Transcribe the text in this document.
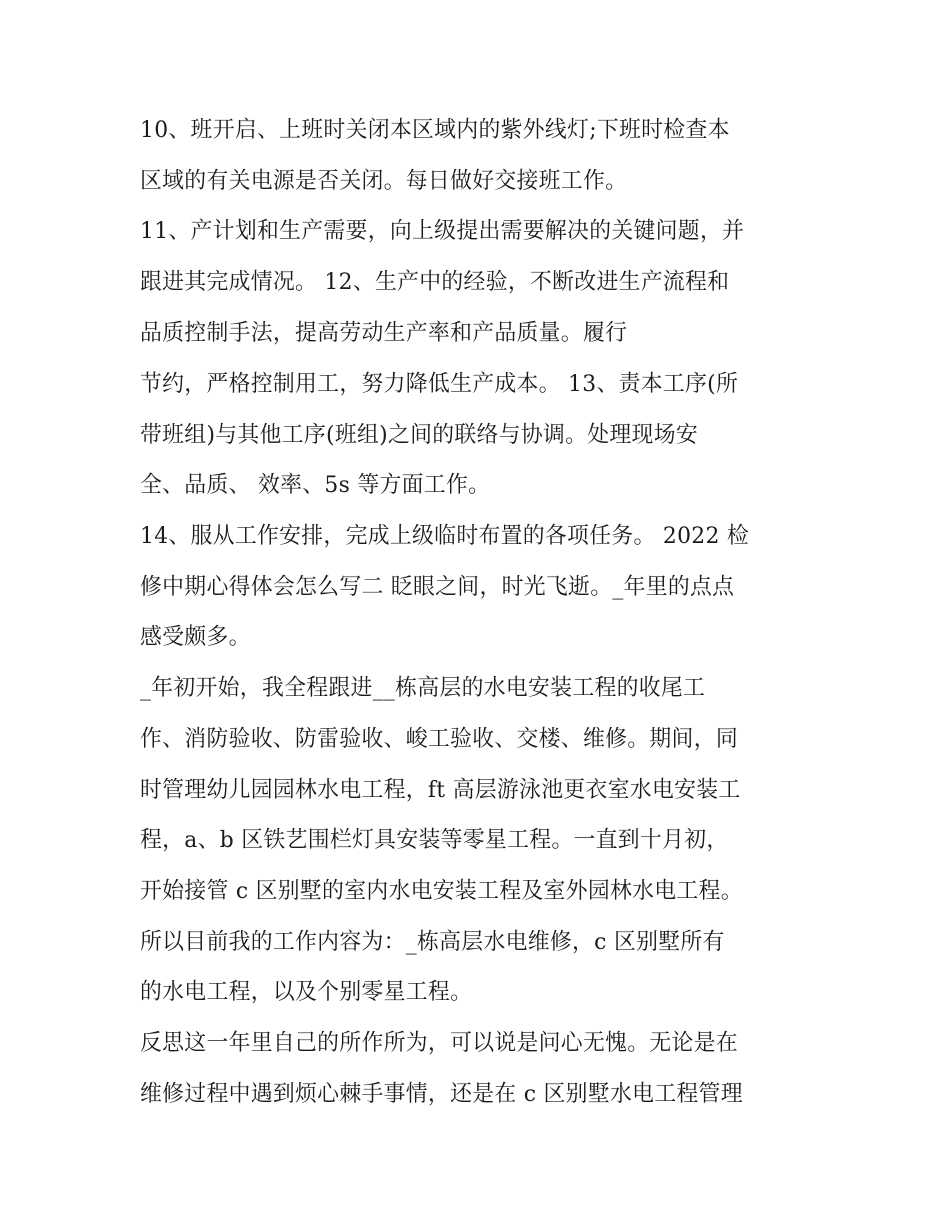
10、班开启、上班时关闭本区域内的紫外线灯;下班时检查本
区域的有关电源是否关闭。每日做好交接班工作。
11、产计划和生产需要，向上级提出需要解决的关键问题，并
跟进其完成情况。 12、生产中的经验，不断改进生产流程和
品质控制手法，提高劳动生产率和产品质量。履行
节约，严格控制用工，努力降低生产成本。 13、责本工序(所
带班组)与其他工序(班组)之间的联络与协调。处理现场安
全、品质、 效率、5s 等方面工作。
14、服从工作安排，完成上级临时布置的各项任务。 2022 检
修中期心得体会怎么写二 眨眼之间，时光飞逝。_年里的点点
感受颇多。
_年初开始，我全程跟进__栋高层的水电安装工程的收尾工
作、消防验收、防雷验收、峻工验收、交楼、维修。期间，同
时管理幼儿园园林水电工程，ft 高层游泳池更衣室水电安装工
程，a、b 区铁艺围栏灯具安装等零星工程。一直到十月初，
开始接管 c 区别墅的室内水电安装工程及室外园林水电工程。
所以目前我的工作内容为：_栋高层水电维修，c 区别墅所有
的水电工程，以及个别零星工程。
反思这一年里自己的所作所为，可以说是问心无愧。无论是在
维修过程中遇到烦心棘手事情，还是在 c 区别墅水电工程管理
